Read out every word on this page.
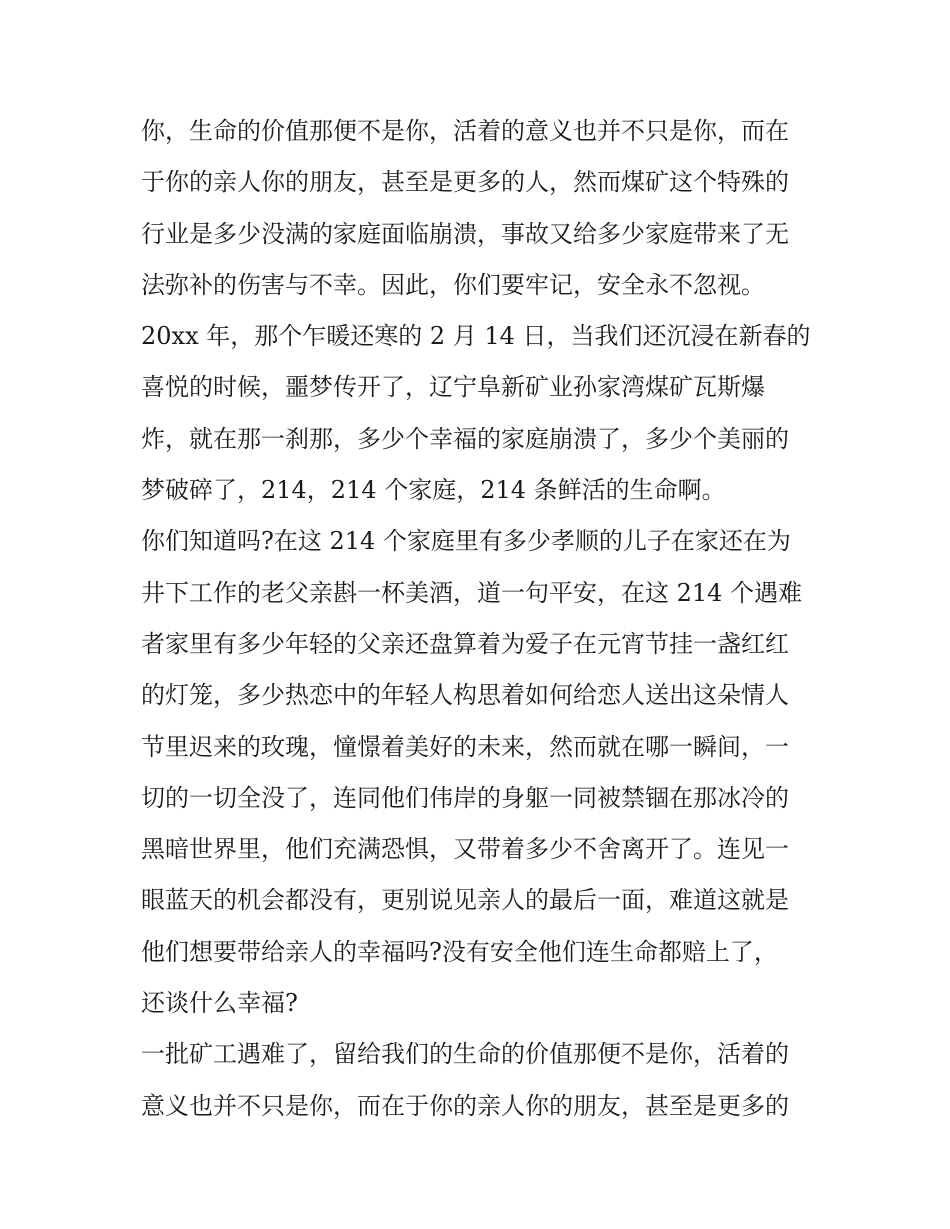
你，生命的价值那便不是你，活着的意义也并不只是你，而在
于你的亲人你的朋友，甚至是更多的人，然而煤矿这个特殊的
行业是多少没满的家庭面临崩溃，事故又给多少家庭带来了无
法弥补的伤害与不幸。因此，你们要牢记，安全永不忽视。
20xx 年，那个乍暖还寒的 2 月 14 日，当我们还沉浸在新春的
喜悦的时候，噩梦传开了，辽宁阜新矿业孙家湾煤矿瓦斯爆
炸，就在那一刹那，多少个幸福的家庭崩溃了，多少个美丽的
梦破碎了，214，214 个家庭，214 条鲜活的生命啊。
你们知道吗?在这 214 个家庭里有多少孝顺的儿子在家还在为
井下工作的老父亲斟一杯美酒，道一句平安，在这 214 个遇难
者家里有多少年轻的父亲还盘算着为爱子在元宵节挂一盏红红
的灯笼，多少热恋中的年轻人构思着如何给恋人送出这朵情人
节里迟来的玫瑰，憧憬着美好的未来，然而就在哪一瞬间，一
切的一切全没了，连同他们伟岸的身躯一同被禁锢在那冰冷的
黑暗世界里，他们充满恐惧，又带着多少不舍离开了。连见一
眼蓝天的机会都没有，更别说见亲人的最后一面，难道这就是
他们想要带给亲人的幸福吗?没有安全他们连生命都赔上了，
还谈什么幸福?
一批矿工遇难了，留给我们的生命的价值那便不是你，活着的
意义也并不只是你，而在于你的亲人你的朋友，甚至是更多的
